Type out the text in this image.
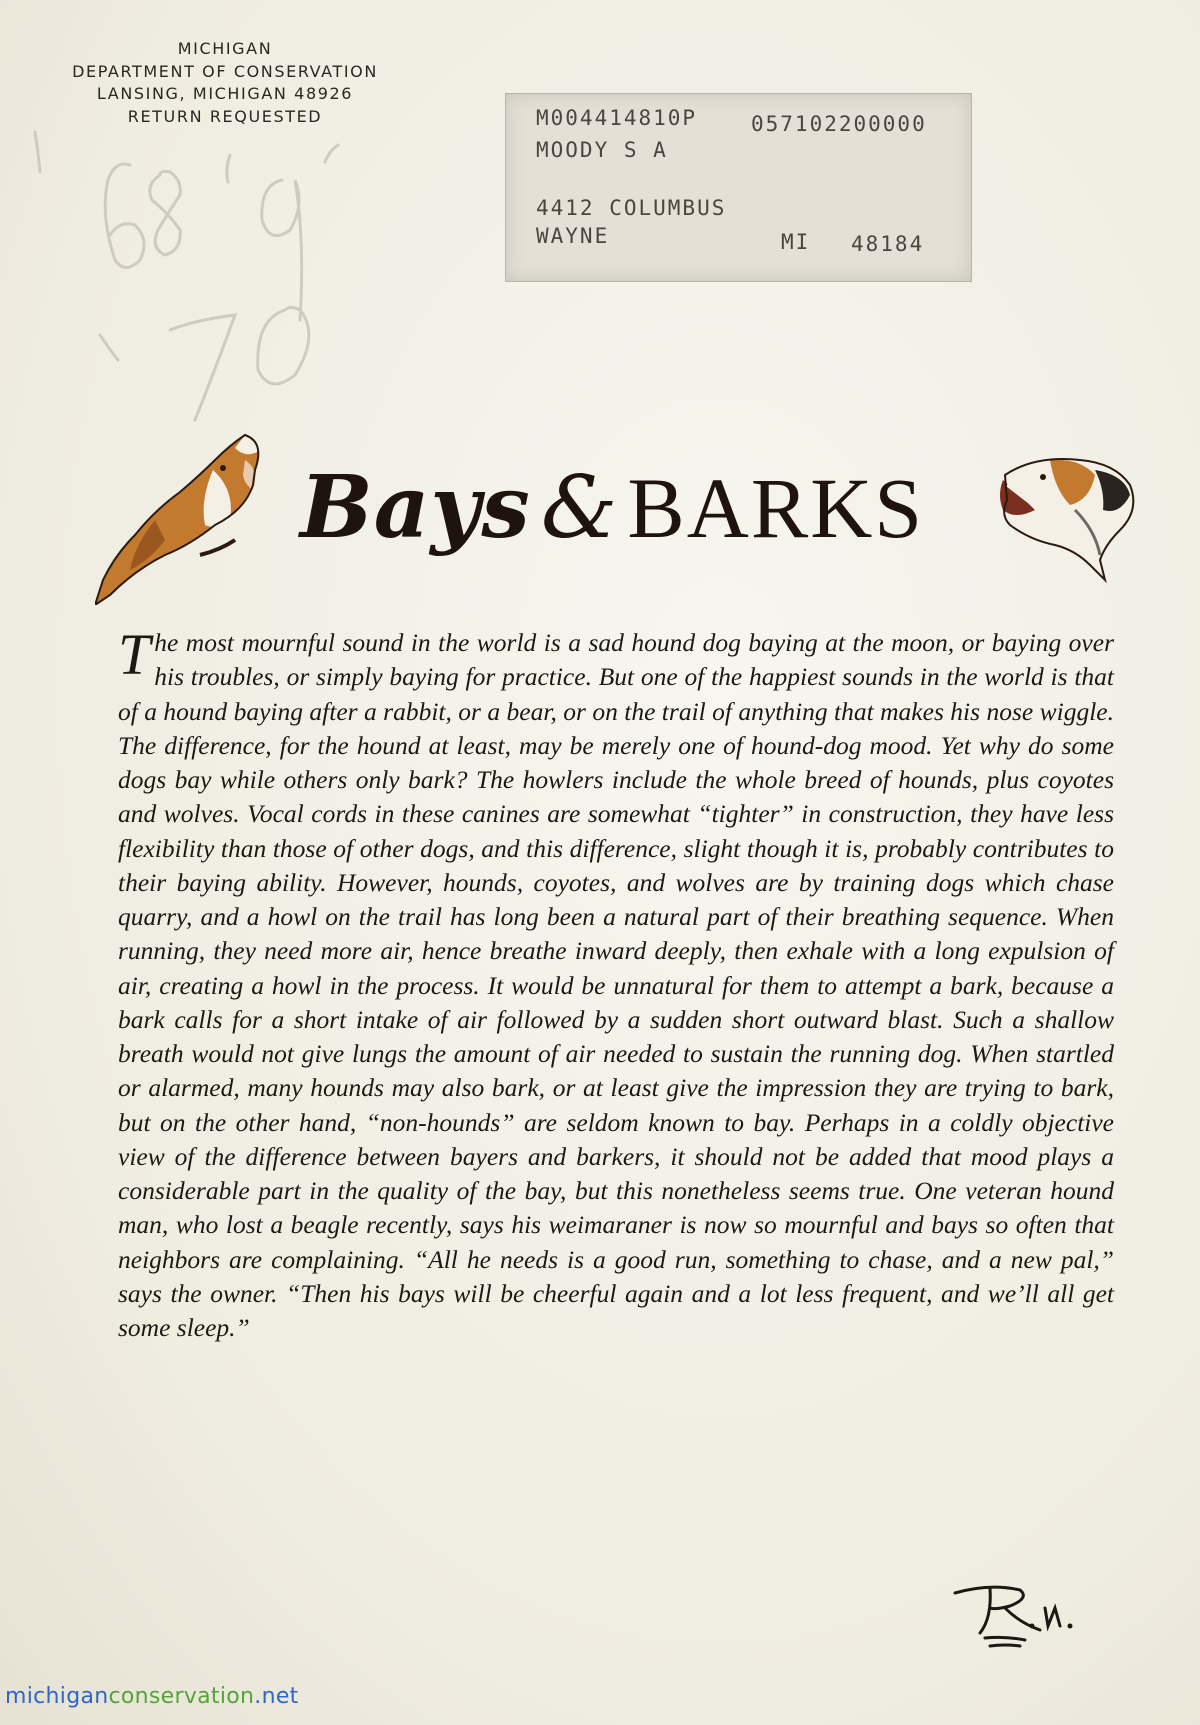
MICHIGAN
DEPARTMENT OF CONSERVATION
LANSING, MICHIGAN 48926
RETURN REQUESTED	M004414810P	057102200000
MOODY S A
4412 COLUMBUS
WAYNE	MI 48184
Bays & BARKS
The most mournful sound in the world is a sad hound dog baying at the moon, or baying over his troubles, or simply baying for practice. But one of the happiest sounds in the world is that of a hound baying after a rabbit, or a bear, or on the trail of anything that makes his nose wiggle. The difference, for the hound at least, may be merely one of hound-dog mood. Yet why do some dogs bay while others only bark? The howlers include the whole breed of hounds, plus coyotes and wolves. Vocal cords in these canines are somewhat “tighter” in construction, they have less flexibility than those of other dogs, and this difference, slight though it is, probably contributes to their baying ability. However, hounds, coyotes, and wolves are by training dogs which chase quarry, and a howl on the trail has long been a natural part of their breathing sequence. When running, they need more air, hence breathe inward deeply, then exhale with a long expulsion of air, creating a howl in the process. It would be unnatural for them to attempt a bark, because a bark calls for a short intake of air followed by a sudden short outward blast. Such a shallow breath would not give lungs the amount of air needed to sustain the running dog. When startled or alarmed, many hounds may also bark, or at least give the impression they are trying to bark, but on the other hand, “non-hounds” are seldom known to bay. Perhaps in a coldly objective view of the difference between bayers and barkers, it should not be added that mood plays a considerable part in the quality of the bay, but this nonetheless seems true. One veteran hound man, who lost a beagle recently, says his weimaraner is now so mournful and bays so often that neighbors are complaining. “All he needs is a good run, something to chase, and a new pal,” says the owner. “Then his bays will be cheerful again and a lot less frequent, and we’ll all get some sleep.”
michiganconservation.net
